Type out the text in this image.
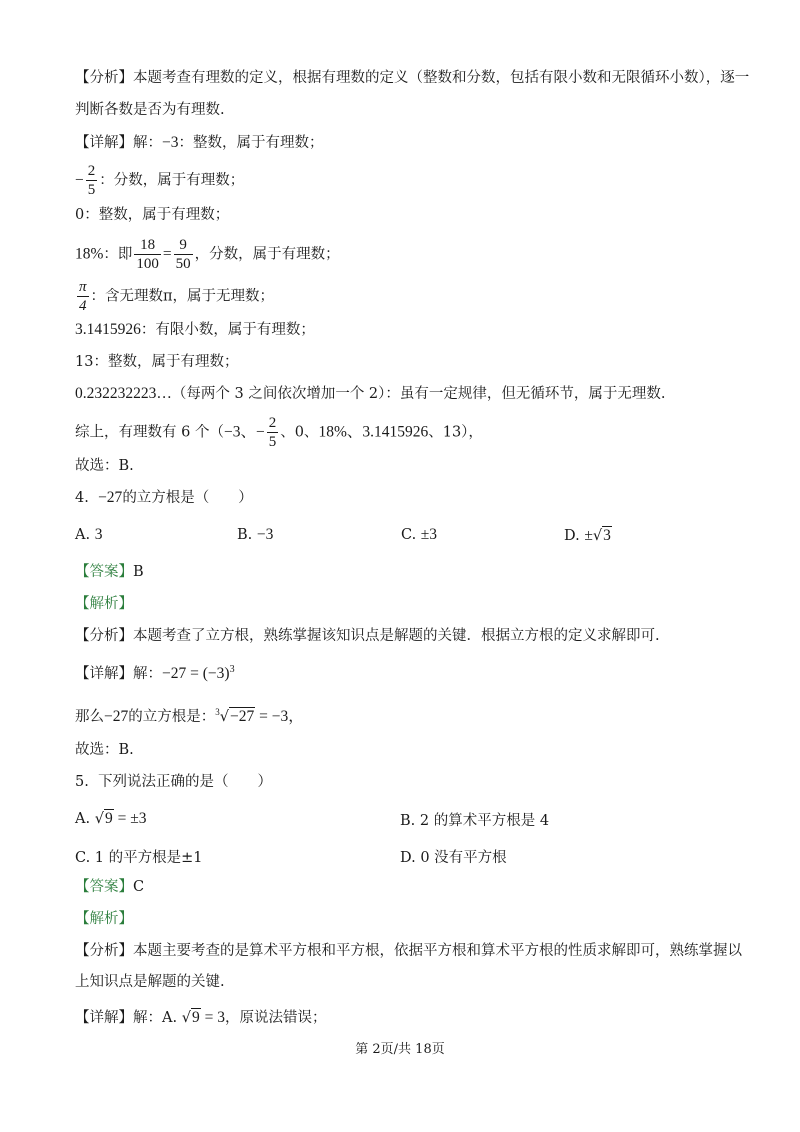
【分析】本题考查有理数的定义，根据有理数的定义（整数和分数，包括有限小数和无限循环小数），逐一
判断各数是否为有理数.
【详解】解：−3：整数，属于有理数；
− $\frac{2}{5}$ ：分数，属于有理数；
0：整数，属于有理数；
18%：即 $\frac{18}{100} = \frac{9}{50}$ ，分数，属于有理数；
$\frac{\pi}{4}$ ：含无理数π，属于无理数；
3.1415926：有限小数，属于有理数；
13：整数，属于有理数；
0.232232223…（每两个 3 之间依次增加一个 2）：虽有一定规律，但无循环节，属于无理数.
综上，有理数有 6 个（−3、− $\frac{2}{5}$ 、0、18%、3.1415926、13），
故选：B.
4. −27的立方根是（　　）
A. 3	B. −3	C. ±3	D. ±√3
【答案】B
【解析】
【分析】本题考查了立方根，熟练掌握该知识点是解题的关键．根据立方根的定义求解即可.
【详解】解：$-27 = (-3)^3$
那么−27的立方根是：$^3$√−27 = −3，
故选：B.
5. 下列说法正确的是（　　）
A. √9 = ±3	B. 2 的算术平方根是 4
C. 1 的平方根是±1	D. 0 没有平方根
【答案】C
【解析】
【分析】本题主要考查的是算术平方根和平方根，依据平方根和算术平方根的性质求解即可，熟练掌握以
上知识点是解题的关键.
【详解】解：A. √9 = 3，原说法错误；
第 2页/共 18页
